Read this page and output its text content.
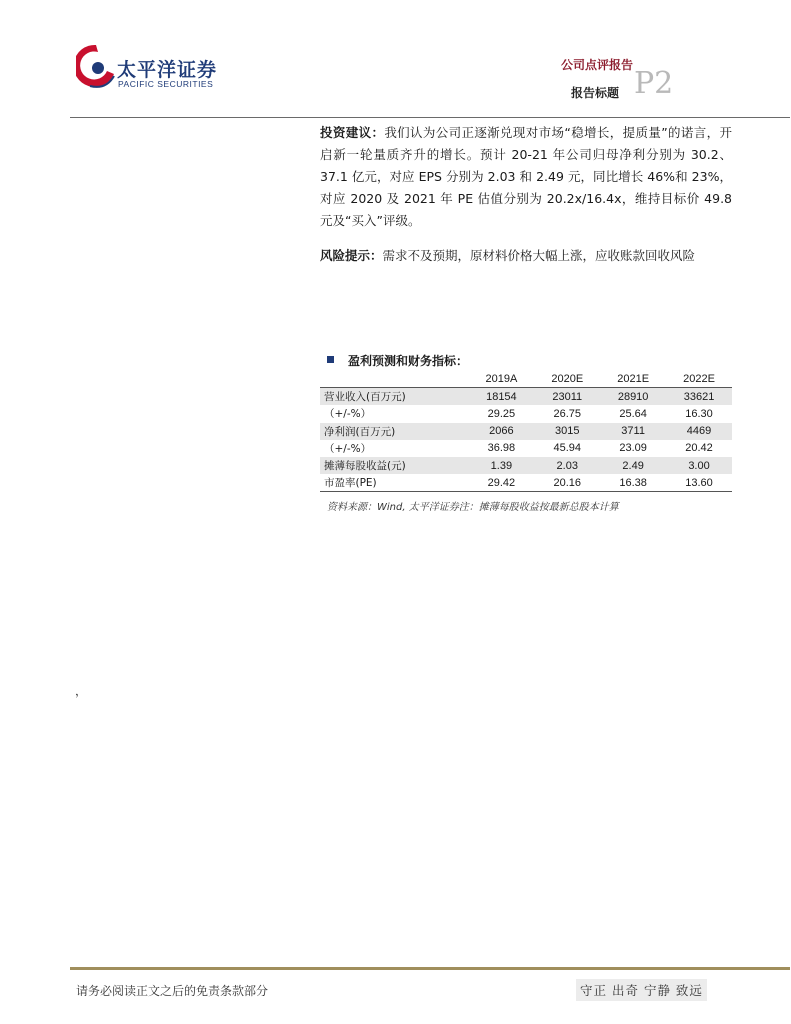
太平洋证券
PACIFIC SECURITIES
公司点评报告
报告标题 P2
投资建议：我们认为公司正逐渐兑现对市场“稳增长，提质量”的诺言，开启新一轮量质齐升的增长。预计 20-21 年公司归母净利分别为 30.2、37.1 亿元，对应 EPS 分别为 2.03 和 2.49 元，同比增长 46%和 23%，对应 2020 及 2021 年 PE 估值分别为 20.2x/16.4x，维持目标价 49.8 元及“买入”评级。
风险提示：需求不及预期，原材料价格大幅上涨，应收账款回收风险
盈利预测和财务指标：
	2019A	2020E	2021E	2022E
营业收入(百万元)	18154	23011	28910	33621
（+/-%）	29.25	26.75	25.64	16.30
净利润(百万元)	2066	3015	3711	4469
（+/-%）	36.98	45.94	23.09	20.42
摊薄每股收益(元)	1.39	2.03	2.49	3.00
市盈率(PE)	29.42	20.16	16.38	13.60
资料来源：Wind, 太平洋证券注：摊薄每股收益按最新总股本计算
，
请务必阅读正文之后的免责条款部分	守正 出奇 宁静 致远
